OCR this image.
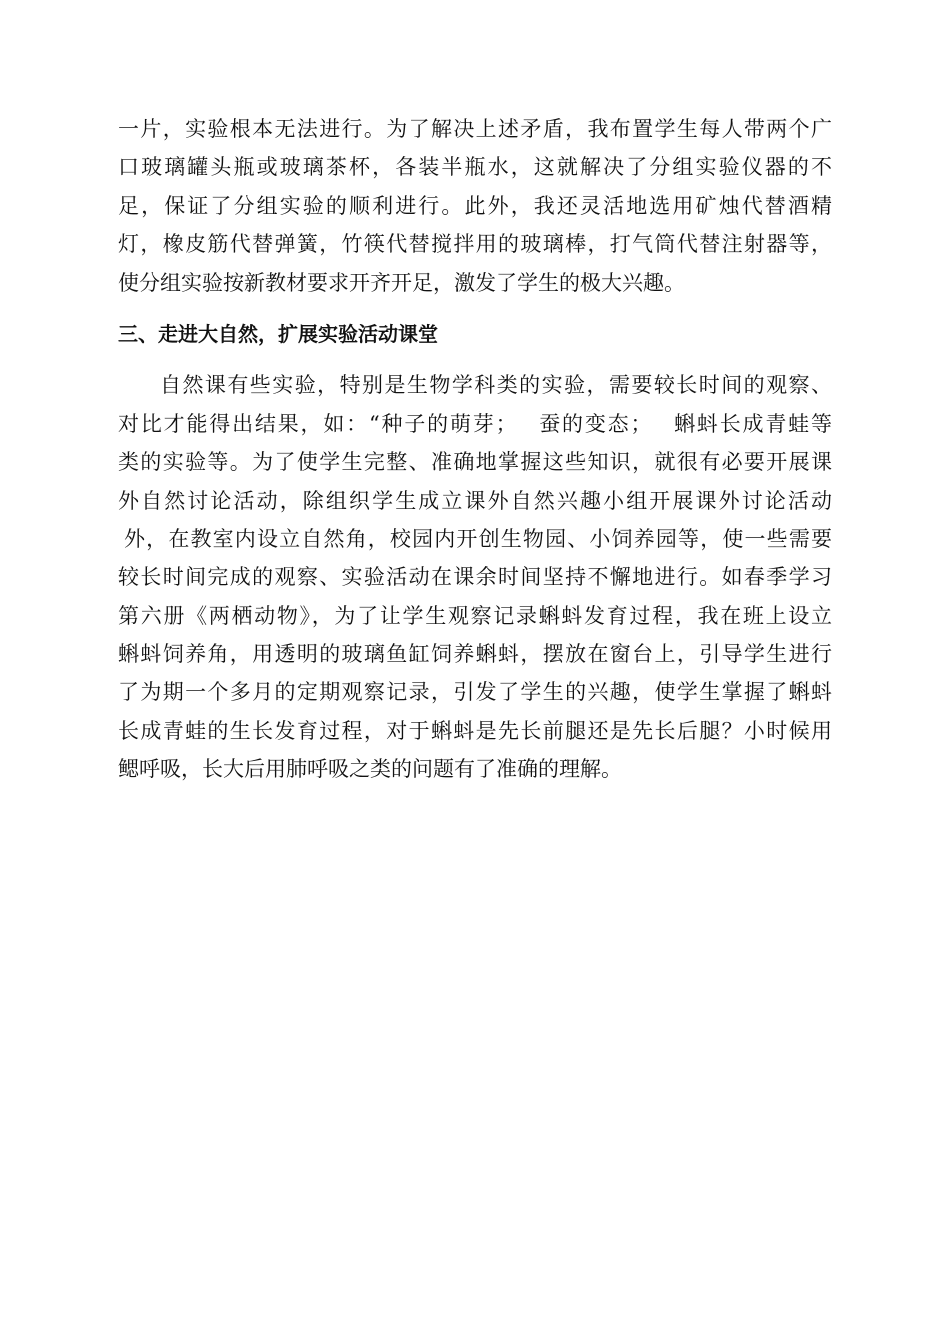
一片，实验根本无法进行。为了解决上述矛盾，我布置学生每人带两个广
口玻璃罐头瓶或玻璃茶杯，各装半瓶水，这就解决了分组实验仪器的不
足，保证了分组实验的顺利进行。此外，我还灵活地选用矿烛代替酒精
灯，橡皮筋代替弹簧，竹筷代替搅拌用的玻璃棒，打气筒代替注射器等，
使分组实验按新教材要求开齐开足，激发了学生的极大兴趣。
三、走进大自然，扩展实验活动课堂
自然课有些实验，特别是生物学科类的实验，需要较长时间的观察、
对比才能得出结果，如：“种子的萌芽；　 蚕的变态；　 蝌蚪长成青蛙等
类的实验等。为了使学生完整、准确地掌握这些知识，就很有必要开展课
外自然讨论活动，除组织学生成立课外自然兴趣小组开展课外讨论活动
外，在教室内设立自然角，校园内开创生物园、小饲养园等，使一些需要
较长时间完成的观察、实验活动在课余时间坚持不懈地进行。如春季学习
第六册《两栖动物》，为了让学生观察记录蝌蚪发育过程，我在班上设立
蝌蚪饲养角，用透明的玻璃鱼缸饲养蝌蚪，摆放在窗台上，引导学生进行
了为期一个多月的定期观察记录，引发了学生的兴趣，使学生掌握了蝌蚪
长成青蛙的生长发育过程，对于蝌蚪是先长前腿还是先长后腿？小时候用
鳃呼吸，长大后用肺呼吸之类的问题有了准确的理解。
